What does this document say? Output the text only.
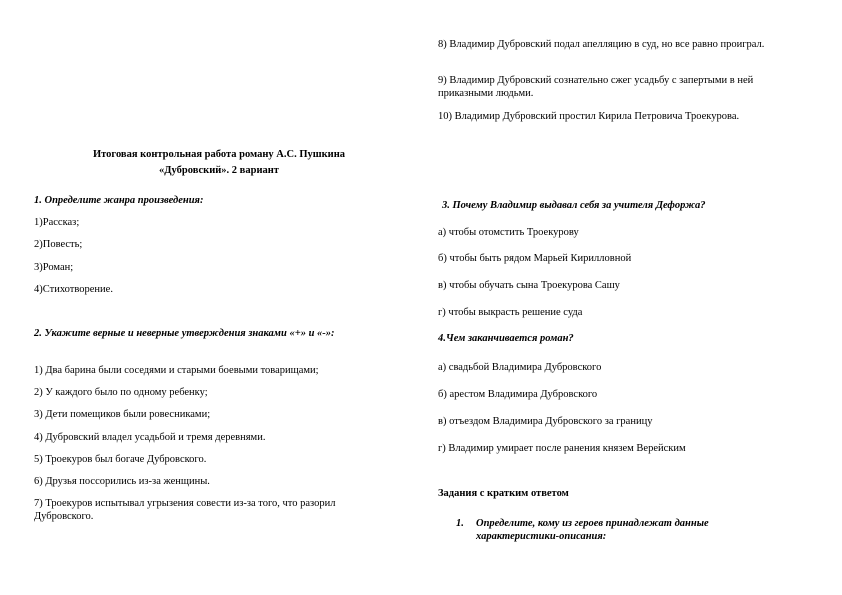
Итоговая контрольная работа роману А.С. Пушкина
«Дубровский». 2 вариант
1. Определите жанра произведения:
1)Рассказ;
2)Повесть;
3)Роман;
4)Стихотворение.
2. Укажите верные и неверные утверждения знаками «+» и «-»:
1) Два барина были соседями и старыми боевыми товарищами;
2) У каждого было по одному ребенку;
3) Дети помещиков были ровесниками;
4) Дубровский владел усадьбой и тремя деревнями.
5) Троекуров был богаче Дубровского.
6) Друзья поссорились из-за женщины.
7) Троекуров испытывал угрызения совести из-за того, что разорил Дубровского.
8) Владимир Дубровский подал апелляцию в суд, но все равно проиграл.
9) Владимир Дубровский сознательно сжег усадьбу с запертыми в ней приказными людьми.
10) Владимир Дубровский простил Кирила Петровича Троекурова.
3. Почему Владимир выдавал себя за учителя Дефоржа?
а) чтобы отомстить Троекурову
б) чтобы быть рядом Марьей Кирилловной
в) чтобы обучать сына Троекурова Сашу
г) чтобы выкрасть решение суда
4.Чем заканчивается роман?
а) свадьбой Владимира Дубровского
б) арестом Владимира Дубровского
в) отъездом Владимира Дубровского за границу
г) Владимир умирает после ранения князем Верейским
Задания с кратким ответом
1. Определите, кому из героев принадлежат данные характеристики-описания:
